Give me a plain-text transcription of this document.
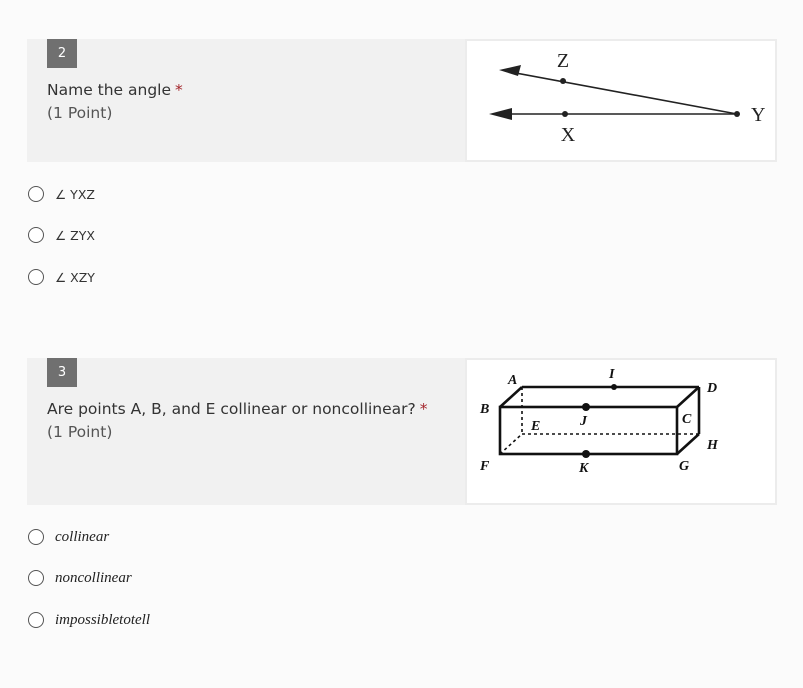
2
Name the angle *
(1 Point)
Z
X
Y
∠ YXZ
∠ ZYX
∠ XZY
3
Are points A, B, and E collinear or noncollinear? *
(1 Point)
A
B
C
D
E
F	G
H
I
J
K
collinear
noncollinear
impossibletotell
